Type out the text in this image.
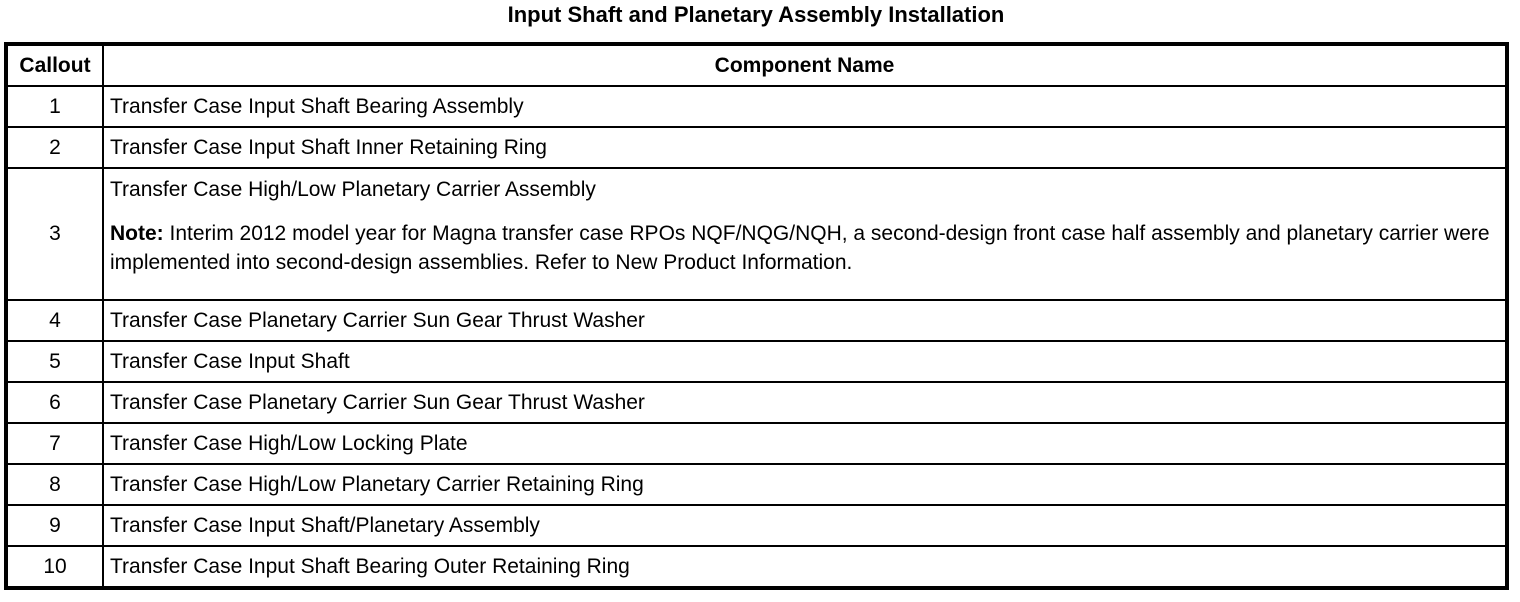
Input Shaft and Planetary Assembly Installation
Callout	Component Name
1	Transfer Case Input Shaft Bearing Assembly
2	Transfer Case Input Shaft Inner Retaining Ring
3	Transfer Case High/Low Planetary Carrier Assembly
Note: Interim 2012 model year for Magna transfer case RPOs NQF/NQG/NQH, a second-design front case half assembly and planetary carrier were implemented into second-design assemblies. Refer to New Product Information.

4	Transfer Case Planetary Carrier Sun Gear Thrust Washer
5	Transfer Case Input Shaft
6	Transfer Case Planetary Carrier Sun Gear Thrust Washer
7	Transfer Case High/Low Locking Plate
8	Transfer Case High/Low Planetary Carrier Retaining Ring
9	Transfer Case Input Shaft/Planetary Assembly
10	Transfer Case Input Shaft Bearing Outer Retaining Ring
